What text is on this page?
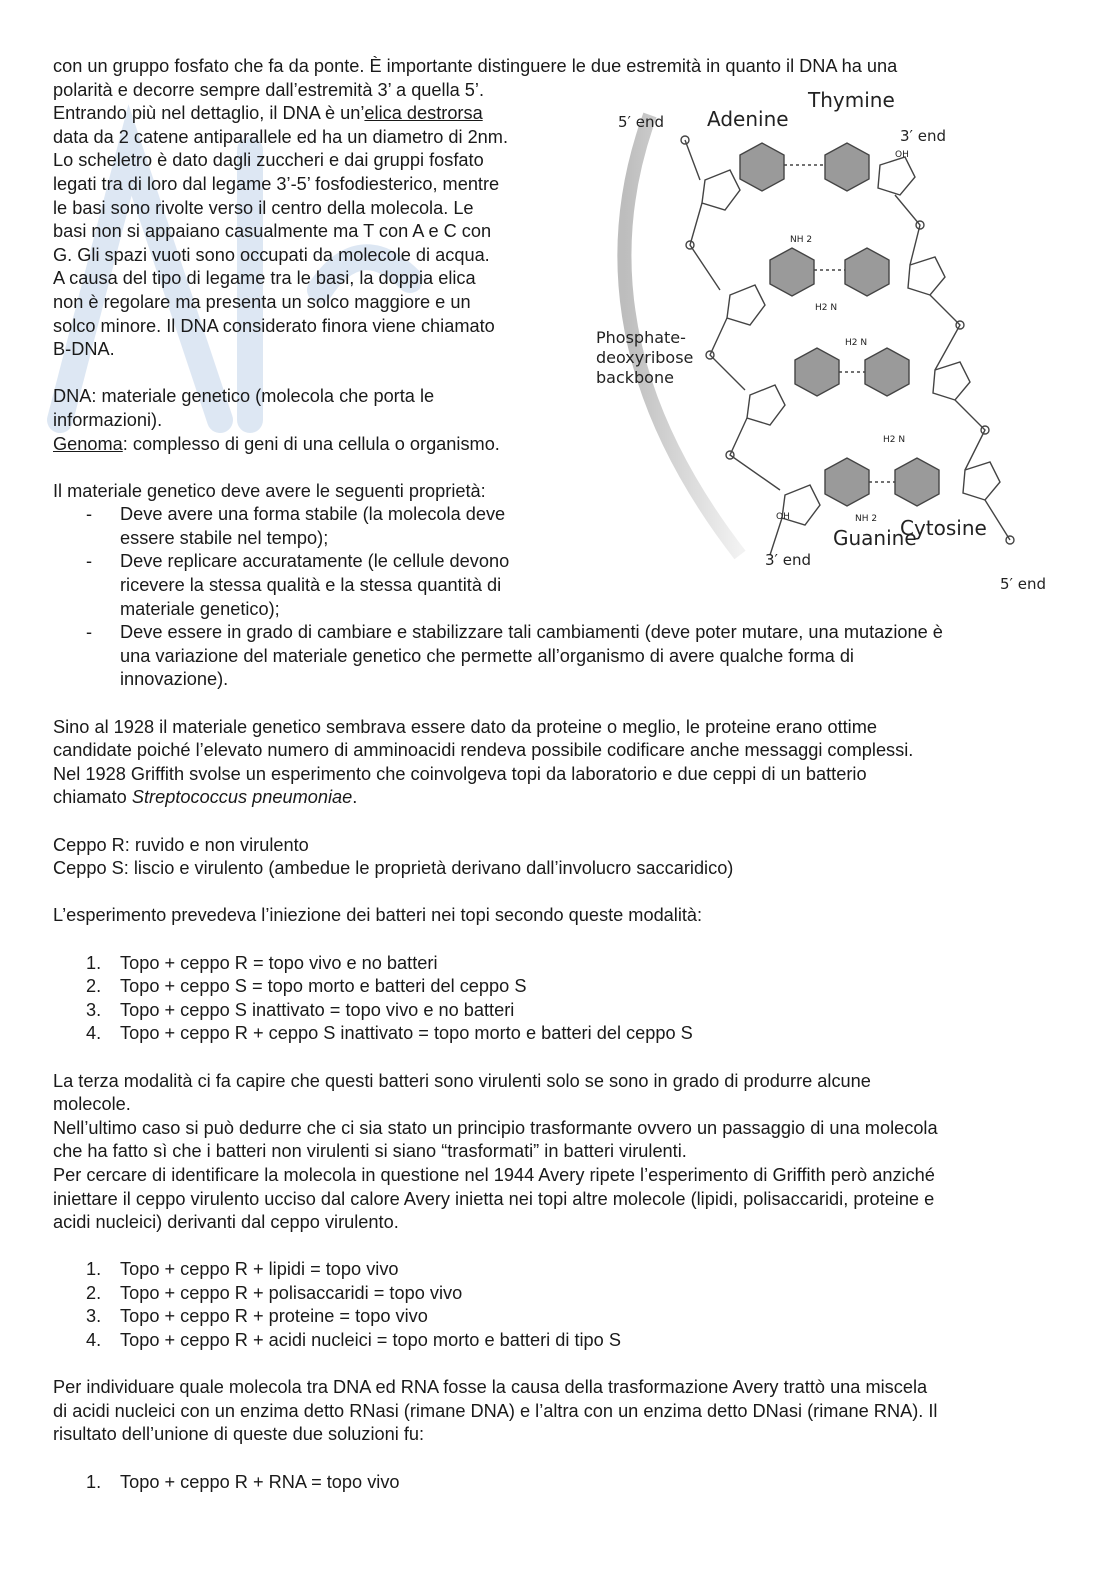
con un gruppo fosfato che fa da ponte. È importante distinguere le due estremità in quanto il DNA ha una

polarità e decorre sempre dall’estremità 3’ a quella 5’.

Entrando più nel dettaglio, il DNA è un’elica destrorsa

data da 2 catene antiparallele ed ha un diametro di 2nm.

Lo scheletro è dato dagli zuccheri e dai gruppi fosfato

legati tra di loro dal legame 3’-5’ fosfodiesterico, mentre

le basi sono rivolte verso il centro della molecola. Le

basi non si appaiano casualmente ma T con A e C con

G. Gli spazi vuoti sono occupati da molecole di acqua.

A causa del tipo di legame tra le basi, la doppia elica

non è regolare ma presenta un solco maggiore e un

solco minore. Il DNA considerato finora viene chiamato

B-DNA.

DNA: materiale genetico (molecola che porta le

informazioni).

Genoma: complesso di geni di una cellula o organismo.

Il materiale genetico deve avere le seguenti proprietà:

- Deve avere una forma stabile (la molecola deve
essere stabile nel tempo);
- Deve replicare accuratamente (le cellule devono
ricevere la stessa qualità e la stessa quantità di
materiale genetico);
- Deve essere in grado di cambiare e stabilizzare tali cambiamenti (deve poter mutare, una mutazione è
una variazione del materiale genetico che permette all’organismo di avere qualche forma di
innovazione).

Sino al 1928 il materiale genetico sembrava essere dato da proteine o meglio, le proteine erano ottime

candidate poiché l’elevato numero di amminoacidi rendeva possibile codificare anche messaggi complessi.

Nel 1928 Griffith svolse un esperimento che coinvolgeva topi da laboratorio e due ceppi di un batterio

chiamato Streptococcus pneumoniae.

Ceppo R: ruvido e non virulento

Ceppo S: liscio e virulento (ambedue le proprietà derivano dall’involucro saccaridico)

L’esperimento prevedeva l’iniezione dei batteri nei topi secondo queste modalità:

1. Topo + ceppo R = topo vivo e no batteri
2. Topo + ceppo S = topo morto e batteri del ceppo S
3. Topo + ceppo S inattivato = topo vivo e no batteri
4. Topo + ceppo R + ceppo S inattivato = topo morto e batteri del ceppo S

La terza modalità ci fa capire che questi batteri sono virulenti solo se sono in grado di produrre alcune

molecole.

Nell’ultimo caso si può dedurre che ci sia stato un principio trasformante ovvero un passaggio di una molecola

che ha fatto sì che i batteri non virulenti si siano “trasformati” in batteri virulenti.

Per cercare di identificare la molecola in questione nel 1944 Avery ripete l’esperimento di Griffith però anziché

iniettare il ceppo virulento ucciso dal calore Avery inietta nei topi altre molecole (lipidi, polisaccaridi, proteine e

acidi nucleici) derivanti dal ceppo virulento.

1. Topo + ceppo R + lipidi = topo vivo
2. Topo + ceppo R + polisaccaridi = topo vivo
3. Topo + ceppo R + proteine = topo vivo
4. Topo + ceppo R + acidi nucleici = topo morto e batteri di tipo S

Per individuare quale molecola tra DNA ed RNA fosse la causa della trasformazione Avery trattò una miscela

di acidi nucleici con un enzima detto RNasi (rimane DNA) e l’altra con un enzima detto DNasi (rimane RNA). Il

risultato dell’unione di queste due soluzioni fu:

1. Topo + ceppo R + RNA = topo vivo
5′ end Adenine
Thymine
3′ end
OH
NH 2
H2 N
H2 N
H2 N
NH 2
Phosphate-
deoxyribose
backbone
Guanine
Cytosine
OH
3′ end
5′ end
